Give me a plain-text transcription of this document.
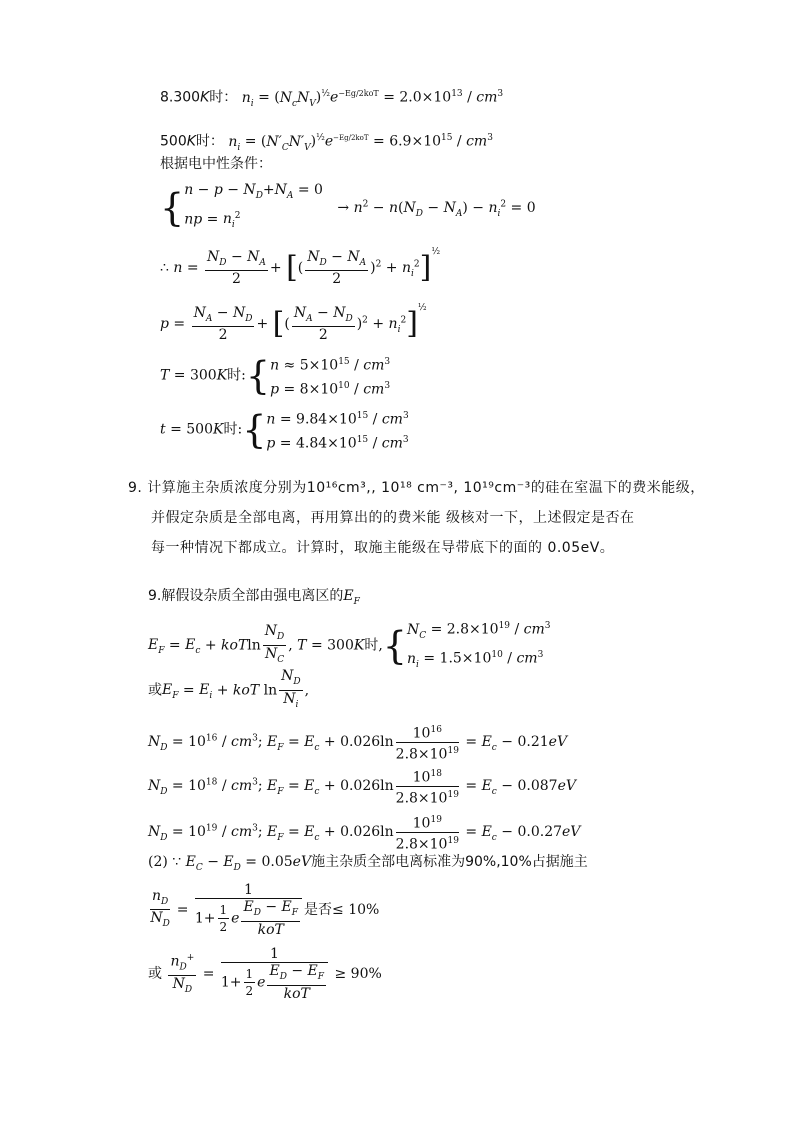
8.300K时： $n_i = (N_cN_V)^{\frac{1}{2}}e^{-Eg/2koT} = 2.0\times 10^{13} / cm^3$
500K时： $n_i = (N'_CN'_V)^{\frac{1}{2}}e^{-Eg/2koT} = 6.9\times 10^{15} / cm^3$
根据电中性条件：
{ $n - p - N_D+N_A = 0$
np = $n_i^2$
→ $n^2 - n(N_D - N_A) - n_i^2 = 0$
∴ $n = \frac{N_D - N_A}{2}$ + [( $\frac{N_D - N_A}{2} )^2 + n_i^2]^{\frac{1}{2}}$
$p = \frac{N_A - N_D}{2}$ + [( $\frac{N_A - N_D}{2} )^2 + n_i^2]^{\frac{1}{2}}$
T = 300K时:{ $n \approx 5\times 10^{15} / cm^3$
$p = 8\times 10^{10} / cm^3$
t = 500K时:{ $n = 9.84\times 10^{15} / cm^3$
$p = 4.84\times 10^{15} / cm^3$
9. 计算施主杂质浓度分别为10¹⁶cm³,, 10¹⁸ cm⁻³, 10¹⁹cm⁻³的硅在室温下的费米能级，
并假定杂质是全部电离，再用算出的的费米能 级核对一下，上述假定是否在
每一种情况下都成立。计算时，取施主能级在导带底下的面的 0.05eV。
9.解假设杂质全部由强电离区的$E_F$
$E_F = E_c + koTln \frac{N_D}{N_C}$ , T = 300K时,{ $N_C = 2.8\times 10^{19} / cm^3$
$n_i = 1.5\times 10^{10} / cm^3$
或$E_F = E_i$ + koT $\ln \frac{N_D}{N_i}$ ,
$N_D = 10^{16} / cm^3$; $E_F = E_c + 0.026\ln \frac{10^{16}}{2.8\times 10^{19}} = E_c - 0.21eV$
$N_D = 10^{18} / cm^3$; $E_F = E_c + 0.026\ln \frac{10^{18}}{2.8\times 10^{19}} = E_c - 0.087eV$
$N_D = 10^{19} / cm^3$; $E_F = E_c + 0.026\ln \frac{10^{19}}{2.8\times 10^{19}} = E_c - 0.0.27eV$
(2) ∵ $E_C - E_D = 0.05eV$施主杂质全部电离标准为90%,10%占据施主
$\frac{n_D}{N_D}$ =
1
$1+ \frac{1}{2}$ e
$E_D - E_F$
koT
是否≤ 10%
或 $\frac{n_D^+}{N_D}$ =
1
$1+ \frac{1}{2}$ e
$E_D - E_F$
koT
≥ 90%
